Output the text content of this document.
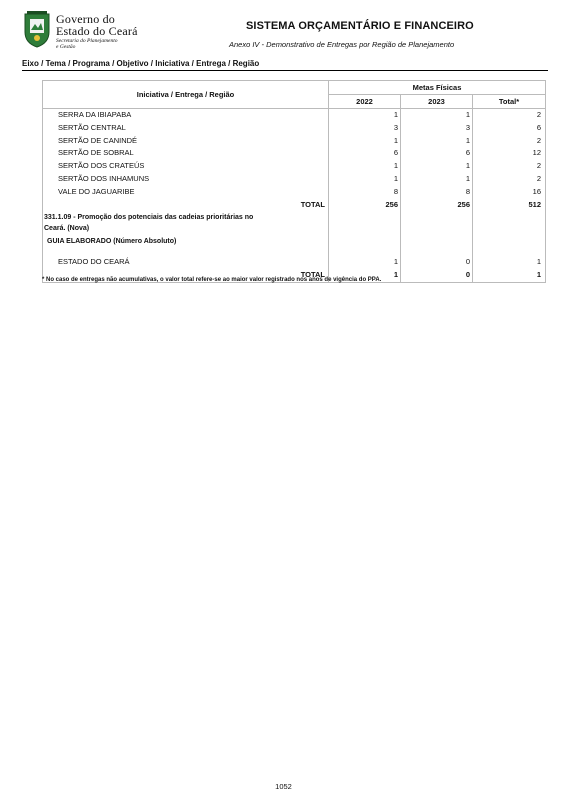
Governo do
Estado do Ceará
Secretaria do Planejamento
e Gestão
SISTEMA ORÇAMENTÁRIO E FINANCEIRO
Anexo IV - Demonstrativo de Entregas por Região de Planejamento
Eixo / Tema / Programa / Objetivo / Iniciativa / Entrega / Região
Iniciativa / Entrega / Região
Metas Físicas
2022	2023	Total*
SERRA DA IBIAPABA	1	1	2
SERTÃO CENTRAL	3	3	6
SERTÃO DE CANINDÉ	1	1	2
SERTÃO DE SOBRAL	6	6	12
SERTÃO DOS CRATEÚS	1	1	2
SERTÃO DOS INHAMUNS	1	1	2
VALE DO JAGUARIBE	8	8	16
TOTAL	256	256	512
331.1.09 - Promoção dos potenciais das cadeias prioritárias no
Ceará. (Nova)
GUIA ELABORADO (Número Absoluto)
ESTADO DO CEARÁ	1	0	1
TOTAL	1	0	1
* No caso de entregas não acumulativas, o valor total refere-se ao maior valor registrado nos anos de vigência do PPA.
1052
